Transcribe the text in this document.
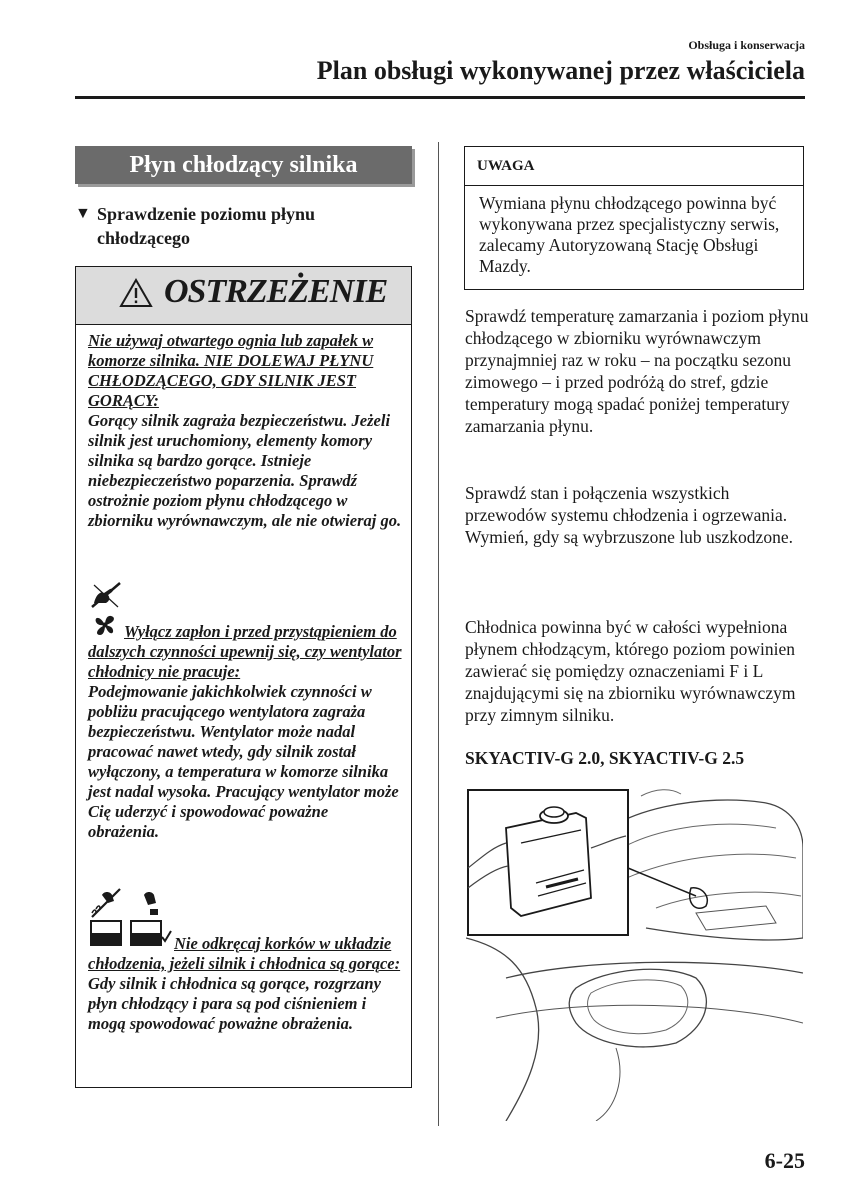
Obsługa i konserwacja
Plan obsługi wykonywanej przez właściciela
Płyn chłodzący silnika
▼ Sprawdzenie poziomu płynu chłodzącego
OSTRZEŻENIE

Nie używaj otwartego ognia lub zapałek w komorze silnika. NIE DOLEWAJ PŁYNU CHŁODZĄCEGO, GDY SILNIK JEST GORĄCY:

Gorący silnik zagraża bezpieczeństwu. Jeżeli silnik jest uruchomiony, elementy komory silnika są bardzo gorące. Istnieje niebezpieczeństwo poparzenia. Sprawdź ostrożnie poziom płynu chłodzącego w zbiorniku wyrównawczym, ale nie otwieraj go.

Wyłącz zapłon i przed przystąpieniem do dalszych czynności upewnij się, czy wentylator chłodnicy nie pracuje:

Podejmowanie jakichkolwiek czynności w pobliżu pracującego wentylatora zagraża bezpieczeństwu. Wentylator może nadal pracować nawet wtedy, gdy silnik został wyłączony, a temperatura w komorze silnika jest nadal wysoka. Pracujący wentylator może Cię uderzyć i spowodować poważne obrażenia.

Nie odkręcaj korków w układzie chłodzenia, jeżeli silnik i chłodnica są gorące:

Gdy silnik i chłodnica są gorące, rozgrzany płyn chłodzący i para są pod ciśnieniem i mogą spowodować poważne obrażenia.

UWAGA
Wymiana płynu chłodzącego powinna być wykonywana przez specjalistyczny serwis, zalecamy Autoryzowaną Stację Obsługi Mazdy.

Sprawdź temperaturę zamarzania i poziom płynu chłodzącego w zbiorniku wyrównawczym przynajmniej raz w roku – na początku sezonu zimowego – i przed podróżą do stref, gdzie temperatury mogą spadać poniżej temperatury zamarzania płynu.

Sprawdź stan i połączenia wszystkich przewodów systemu chłodzenia i ogrzewania.

Wymień, gdy są wybrzuszone lub uszkodzone.

Chłodnica powinna być w całości wypełniona płynem chłodzącym, którego poziom powinien zawierać się pomiędzy oznaczeniami F i L znajdującymi się na zbiorniku wyrównawczym przy zimnym silniku.

SKYACTIV-G 2.0, SKYACTIV-G 2.5
6-25
